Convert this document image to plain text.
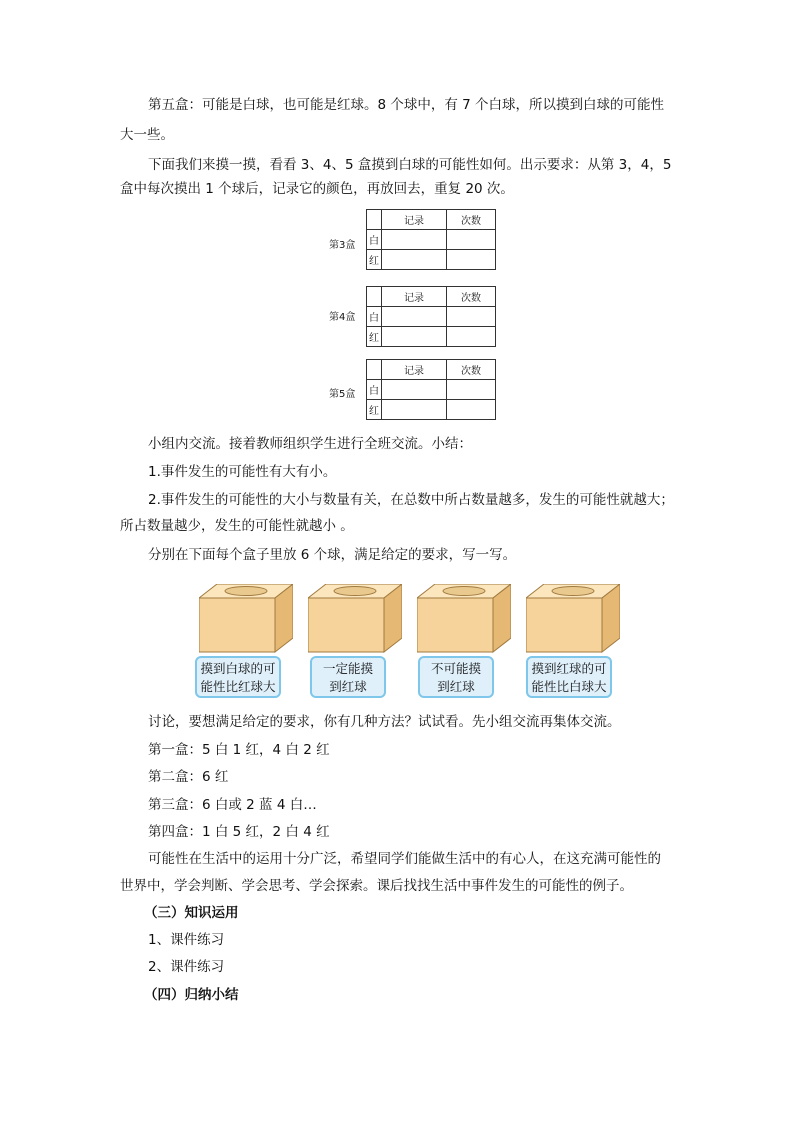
第五盒：可能是白球，也可能是红球。8 个球中，有 7 个白球，所以摸到白球的可能性
大一些。
下面我们来摸一摸，看看 3、4、5 盒摸到白球的可能性如何。出示要求：从第 3，4，5
盒中每次摸出 1 个球后，记录它的颜色，再放回去，重复 20 次。
第3盒
	记录	次数
白		
红		
第4盒
	记录	次数
白		
红		
第5盒
	记录	次数
白		
红		
小组内交流。接着教师组织学生进行全班交流。小结：
1.事件发生的可能性有大有小。
2.事件发生的可能性的大小与数量有关，在总数中所占数量越多，发生的可能性就越大；
所占数量越少，发生的可能性就越小 。
分别在下面每个盒子里放 6 个球，满足给定的要求，写一写。
摸到白球的可
能性比红球大
一定能摸
到红球
不可能摸
到红球
摸到红球的可
能性比白球大
讨论，要想满足给定的要求，你有几种方法？试试看。先小组交流再集体交流。
第一盒：5 白 1 红，4 白 2 红
第二盒：6 红
第三盒：6 白或 2 蓝 4 白…
第四盒：1 白 5 红，2 白 4 红
可能性在生活中的运用十分广泛，希望同学们能做生活中的有心人，在这充满可能性的
世界中，学会判断、学会思考、学会探索。课后找找生活中事件发生的可能性的例子。
（三）知识运用
1、课件练习
2、课件练习
（四）归纳小结
